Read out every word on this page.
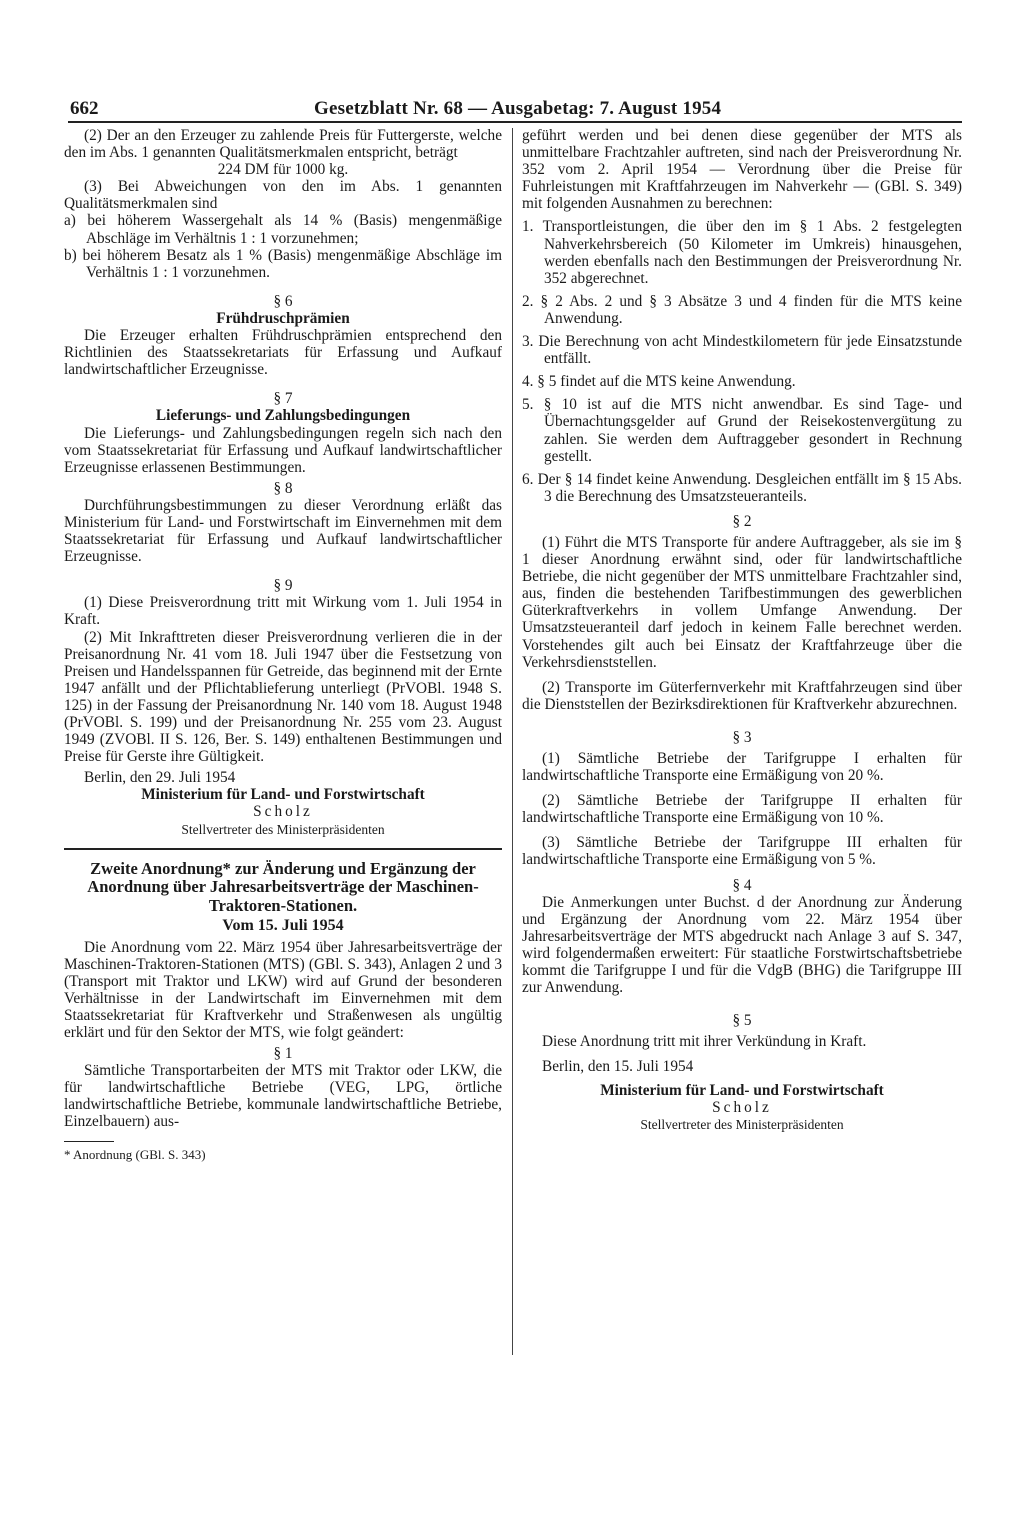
662	Gesetzblatt Nr. 68 — Ausgabetag: 7. August 1954

(2) Der an den Erzeuger zu zahlende Preis für Futtergerste, welche den im Abs. 1 genannten Qualitätsmerkmalen entspricht, beträgt

224 DM für 1000 kg.

(3) Bei Abweichungen von den im Abs. 1 genannten Qualitätsmerkmalen sind

a) bei höherem Wassergehalt als 14 % (Basis) mengenmäßige Abschläge im Verhältnis 1 : 1 vorzunehmen;

b) bei höherem Besatz als 1 % (Basis) mengenmäßige Abschläge im Verhältnis 1 : 1 vorzunehmen.

§ 6

Frühdruschprämien

Die Erzeuger erhalten Frühdruschprämien entsprechend den Richtlinien des Staatssekretariats für Erfassung und Aufkauf landwirtschaftlicher Erzeugnisse.

§ 7

Lieferungs- und Zahlungsbedingungen

Die Lieferungs- und Zahlungsbedingungen regeln sich nach den vom Staatssekretariat für Erfassung und Aufkauf landwirtschaftlicher Erzeugnisse erlassenen Bestimmungen.

§ 8

Durchführungsbestimmungen zu dieser Verordnung erläßt das Ministerium für Land- und Forstwirtschaft im Einvernehmen mit dem Staatssekretariat für Erfassung und Aufkauf landwirtschaftlicher Erzeugnisse.

§ 9

(1) Diese Preisverordnung tritt mit Wirkung vom 1. Juli 1954 in Kraft.

(2) Mit Inkrafttreten dieser Preisverordnung verlieren die in der Preisanordnung Nr. 41 vom 18. Juli 1947 über die Festsetzung von Preisen und Handelsspannen für Getreide, das beginnend mit der Ernte 1947 anfällt und der Pflichtablieferung unterliegt (PrVOBl. 1948 S. 125) in der Fassung der Preisanordnung Nr. 140 vom 18. August 1948 (PrVOBl. S. 199) und der Preisanordnung Nr. 255 vom 23. August 1949 (ZVOBl. II S. 126, Ber. S. 149) enthaltenen Bestimmungen und Preise für Gerste ihre Gültigkeit.

Berlin, den 29. Juli 1954

Ministerium für Land- und Forstwirtschaft

Scholz

Stellvertreter des Ministerpräsidenten

Zweite Anordnung* zur Änderung und Ergänzung der Anordnung über Jahresarbeitsverträge der Maschinen-Traktoren-Stationen.

Vom 15. Juli 1954

Die Anordnung vom 22. März 1954 über Jahresarbeitsverträge der Maschinen-Traktoren-Stationen (MTS) (GBl. S. 343), Anlagen 2 und 3 (Transport mit Traktor und LKW) wird auf Grund der besonderen Verhältnisse in der Landwirtschaft im Einvernehmen mit dem Staatssekretariat für Kraftverkehr und Straßenwesen als ungültig erklärt und für den Sektor der MTS, wie folgt geändert:

§ 1

Sämtliche Transportarbeiten der MTS mit Traktor oder LKW, die für landwirtschaftliche Betriebe (VEG, LPG, örtliche landwirtschaftliche Betriebe, kommunale landwirtschaftliche Betriebe, Einzelbauern) aus-

* Anordnung (GBl. S. 343)

geführt werden und bei denen diese gegenüber der MTS als unmittelbare Frachtzahler auftreten, sind nach der Preisverordnung Nr. 352 vom 2. April 1954 — Verordnung über die Preise für Fuhrleistungen mit Kraftfahrzeugen im Nahverkehr — (GBl. S. 349) mit folgenden Ausnahmen zu berechnen:

1. Transportleistungen, die über den im § 1 Abs. 2 festgelegten Nahverkehrsbereich (50 Kilometer im Umkreis) hinausgehen, werden ebenfalls nach den Bestimmungen der Preisverordnung Nr. 352 abgerechnet.

2. § 2 Abs. 2 und § 3 Absätze 3 und 4 finden für die MTS keine Anwendung.

3. Die Berechnung von acht Mindestkilometern für jede Einsatzstunde entfällt.

4. § 5 findet auf die MTS keine Anwendung.

5. § 10 ist auf die MTS nicht anwendbar. Es sind Tage- und Übernachtungsgelder auf Grund der Reisekostenvergütung zu zahlen. Sie werden dem Auftraggeber gesondert in Rechnung gestellt.

6. Der § 14 findet keine Anwendung. Desgleichen entfällt im § 15 Abs. 3 die Berechnung des Umsatzsteueranteils.

§ 2

(1) Führt die MTS Transporte für andere Auftraggeber, als sie im § 1 dieser Anordnung erwähnt sind, oder für landwirtschaftliche Betriebe, die nicht gegenüber der MTS unmittelbare Frachtzahler sind, aus, finden die bestehenden Tarifbestimmungen des gewerblichen Güterkraftverkehrs in vollem Umfange Anwendung. Der Umsatzsteueranteil darf jedoch in keinem Falle berechnet werden. Vorstehendes gilt auch bei Einsatz der Kraftfahrzeuge über die Verkehrsdienststellen.

(2) Transporte im Güterfernverkehr mit Kraftfahrzeugen sind über die Dienststellen der Bezirksdirektionen für Kraftverkehr abzurechnen.

§ 3

(1) Sämtliche Betriebe der Tarifgruppe I erhalten für landwirtschaftliche Transporte eine Ermäßigung von 20 %.

(2) Sämtliche Betriebe der Tarifgruppe II erhalten für landwirtschaftliche Transporte eine Ermäßigung von 10 %.

(3) Sämtliche Betriebe der Tarifgruppe III erhalten für landwirtschaftliche Transporte eine Ermäßigung von 5 %.

§ 4

Die Anmerkungen unter Buchst. d der Anordnung zur Änderung und Ergänzung der Anordnung vom 22. März 1954 über Jahresarbeitsverträge der MTS abgedruckt nach Anlage 3 auf S. 347, wird folgendermaßen erweitert: Für staatliche Forstwirtschaftsbetriebe kommt die Tarifgruppe I und für die VdgB (BHG) die Tarifgruppe III zur Anwendung.

§ 5

Diese Anordnung tritt mit ihrer Verkündung in Kraft.

Berlin, den 15. Juli 1954

Ministerium für Land- und Forstwirtschaft

Scholz

Stellvertreter des Ministerpräsidenten
